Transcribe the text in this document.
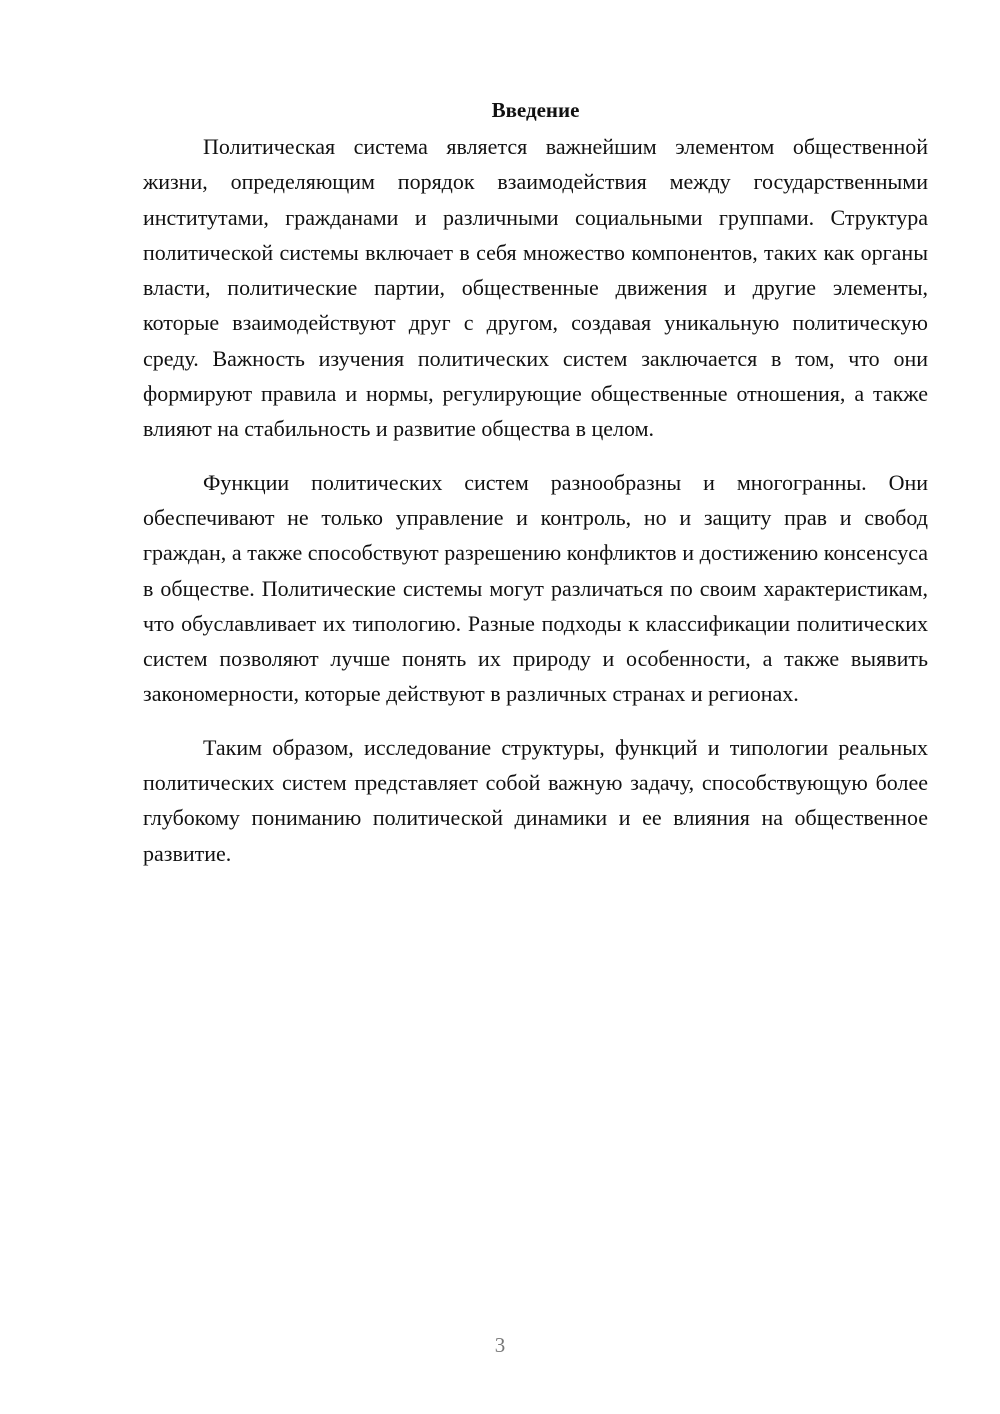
Введение

Политическая система является важнейшим элементом общественной жизни, определяющим порядок взаимодействия между государственными институтами, гражданами и различными социальными группами. Структура политической системы включает в себя множество компонентов, таких как органы власти, политические партии, общественные движения и другие элементы, которые взаимодействуют друг с другом, создавая уникальную политическую среду. Важность изучения политических систем заключается в том, что они формируют правила и нормы, регулирующие общественные отношения, а также влияют на стабильность и развитие общества в целом.

Функции политических систем разнообразны и многогранны. Они обеспечивают не только управление и контроль, но и защиту прав и свобод граждан, а также способствуют разрешению конфликтов и достижению консенсуса в обществе. Политические системы могут различаться по своим характеристикам, что обуславливает их типологию. Разные подходы к классификации политических систем позволяют лучше понять их природу и особенности, а также выявить закономерности, которые действуют в различных странах и регионах.

Таким образом, исследование структуры, функций и типологии реальных политических систем представляет собой важную задачу, способствующую более глубокому пониманию политической динамики и ее влияния на общественное развитие.

3
